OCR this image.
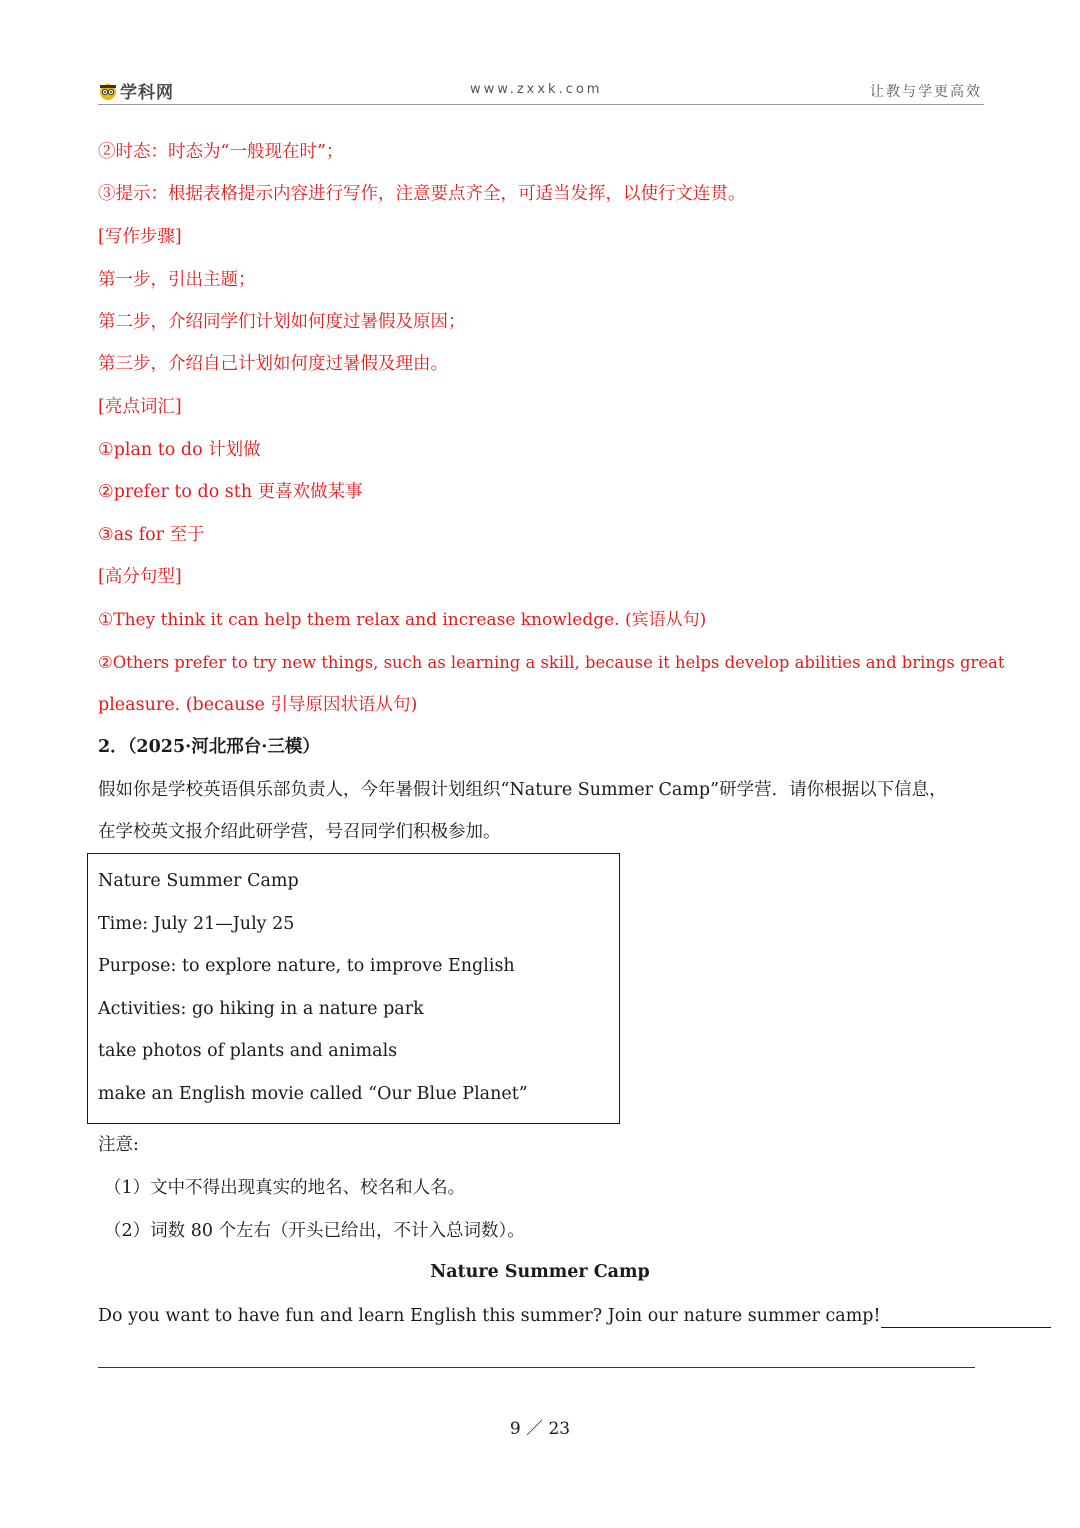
学科网	www.zxxk.com	让教与学更高效
②时态：时态为“一般现在时”；
③提示：根据表格提示内容进行写作，注意要点齐全，可适当发挥，以使行文连贯。
[写作步骤]
第一步，引出主题；
第二步，介绍同学们计划如何度过暑假及原因；
第三步，介绍自己计划如何度过暑假及理由。
[亮点词汇]
①plan to do 计划做
②prefer to do sth 更喜欢做某事
③as for 至于
[高分句型]
①They think it can help them relax and increase knowledge. (宾语从句)
②Others prefer to try new things, such as learning a skill, because it helps develop abilities and brings great
pleasure. (because 引导原因状语从句)
2．（2025·河北邢台·三模）
假如你是学校英语俱乐部负责人，今年暑假计划组织“Nature Summer Camp”研学营．请你根据以下信息，
在学校英文报介绍此研学营，号召同学们积极参加。
Nature Summer Camp
Time: July 21—July 25
Purpose: to explore nature, to improve English
Activities: go hiking in a nature park
take photos of plants and animals
make an English movie called “Our Blue Planet”
注意:
（1）文中不得出现真实的地名、校名和人名。
（2）词数 80 个左右（开头已给出，不计入总词数）。
Nature Summer Camp
Do you want to have fun and learn English this summer? Join our nature summer camp!
9 ／ 23
